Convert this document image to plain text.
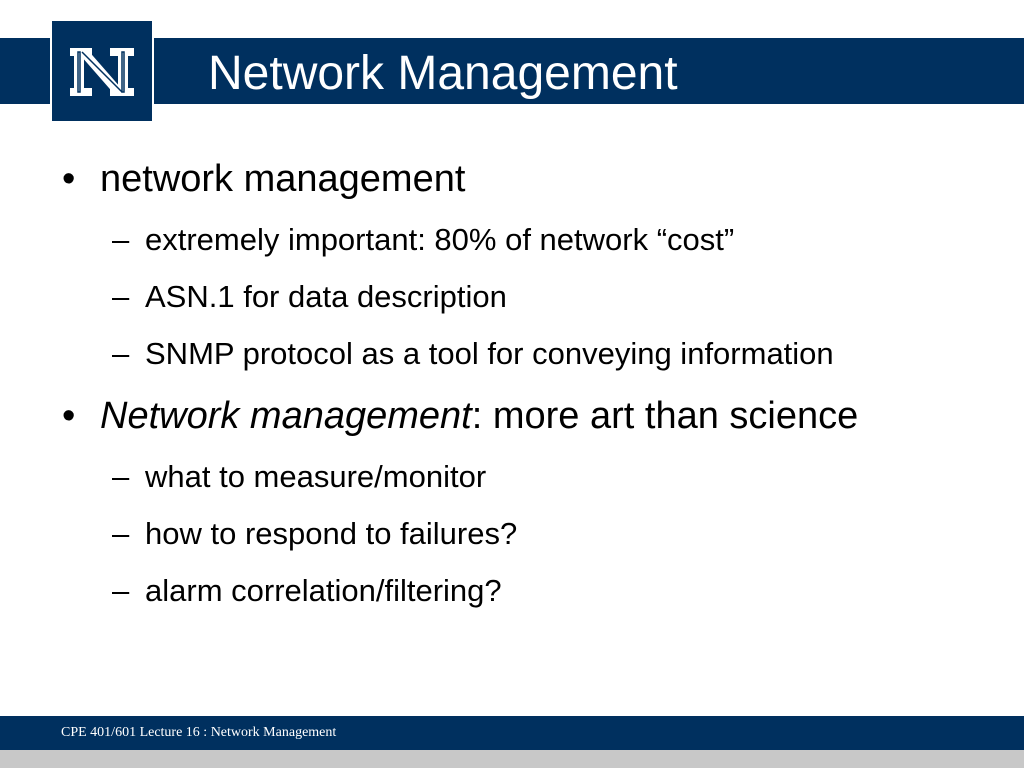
Network Management
• network management
– extremely important: 80% of network “cost”
– ASN.1 for data description
– SNMP protocol as a tool for conveying information
• Network management: more art than science
– what to measure/monitor
– how to respond to failures?
– alarm correlation/filtering?
CPE 401/601 Lecture 16 : Network Management
